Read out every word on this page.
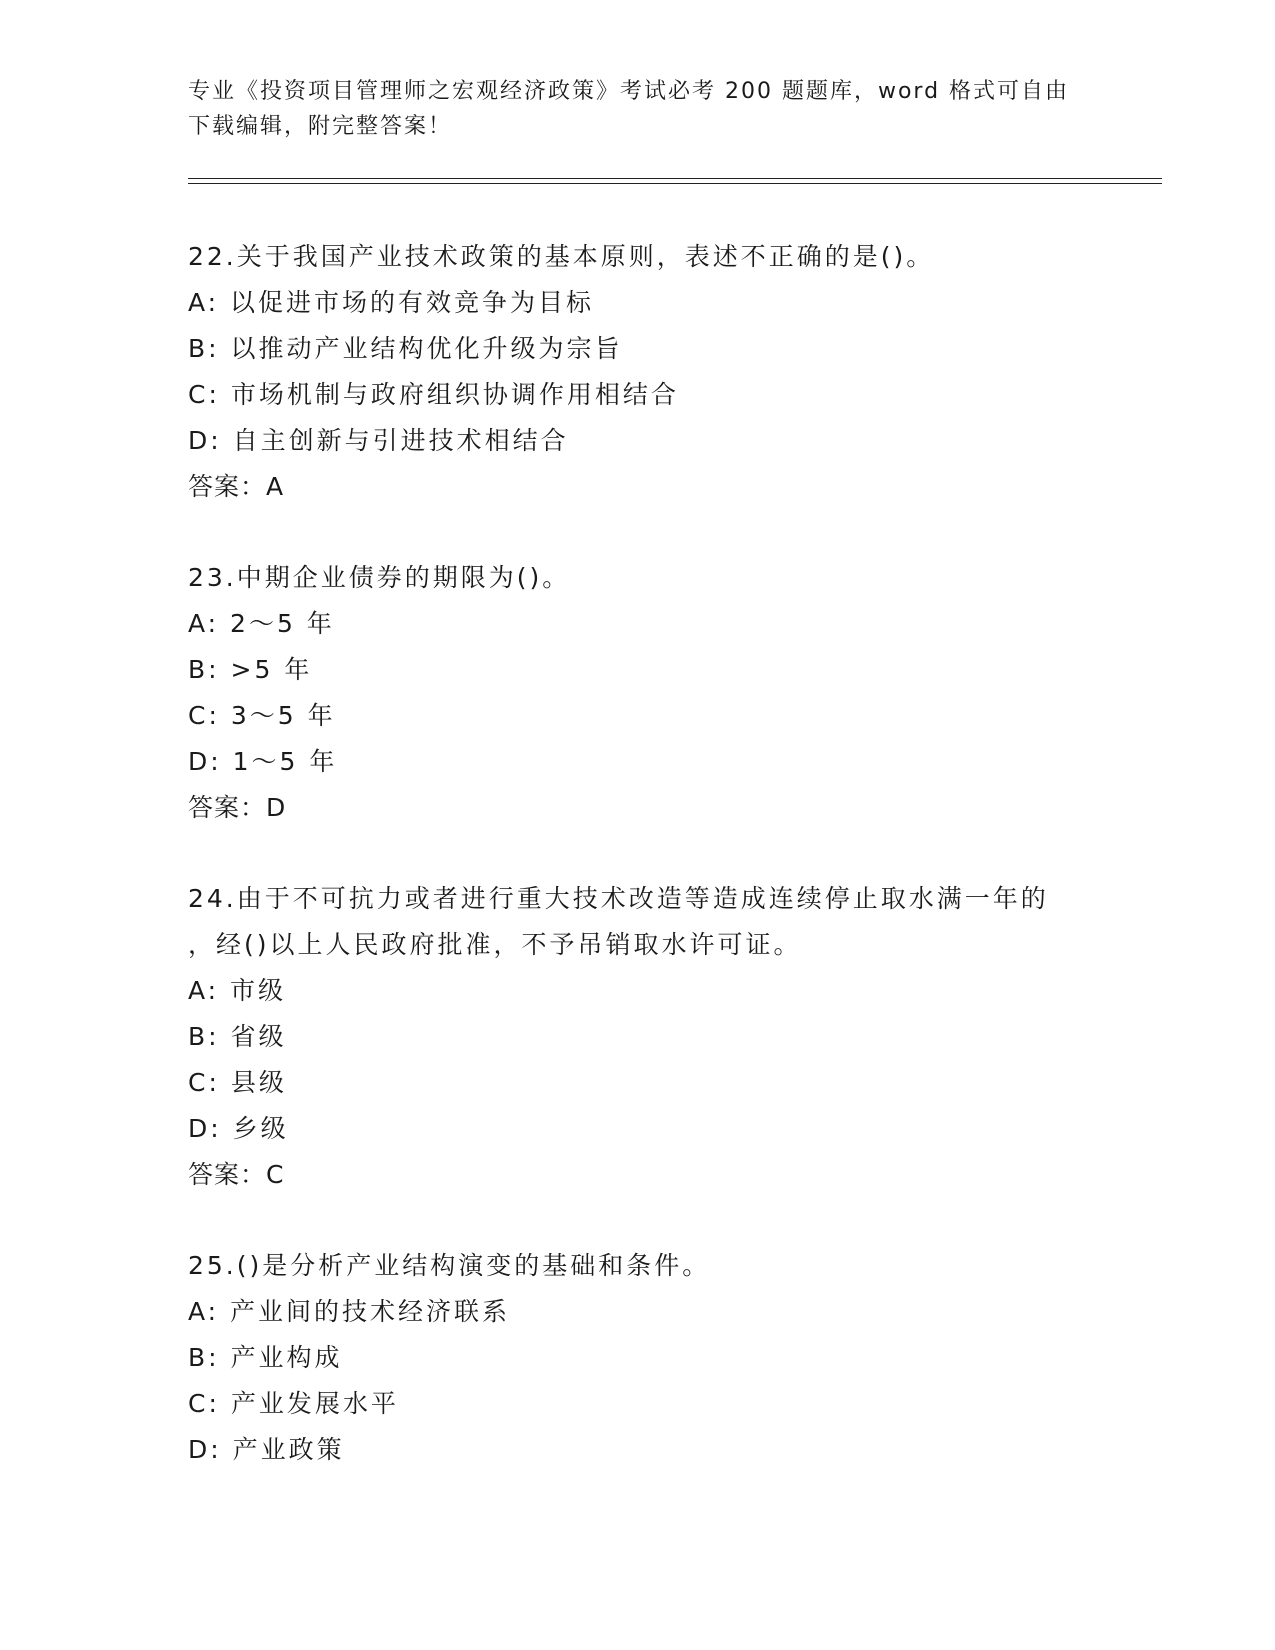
专业《投资项目管理师之宏观经济政策》考试必考 200 题题库，word 格式可自由
下载编辑，附完整答案！
22.关于我国产业技术政策的基本原则，表述不正确的是()。
A: 以促进市场的有效竞争为目标
B: 以推动产业结构优化升级为宗旨
C: 市场机制与政府组织协调作用相结合
D: 自主创新与引进技术相结合
答案：A
23.中期企业债券的期限为()。
A: 2～5 年
B: >5 年
C: 3～5 年
D: 1～5 年
答案：D
24.由于不可抗力或者进行重大技术改造等造成连续停止取水满一年的
，经()以上人民政府批准，不予吊销取水许可证。
A: 市级
B: 省级
C: 县级
D: 乡级
答案：C
25.()是分析产业结构演变的基础和条件。
A: 产业间的技术经济联系
B: 产业构成
C: 产业发展水平
D: 产业政策
